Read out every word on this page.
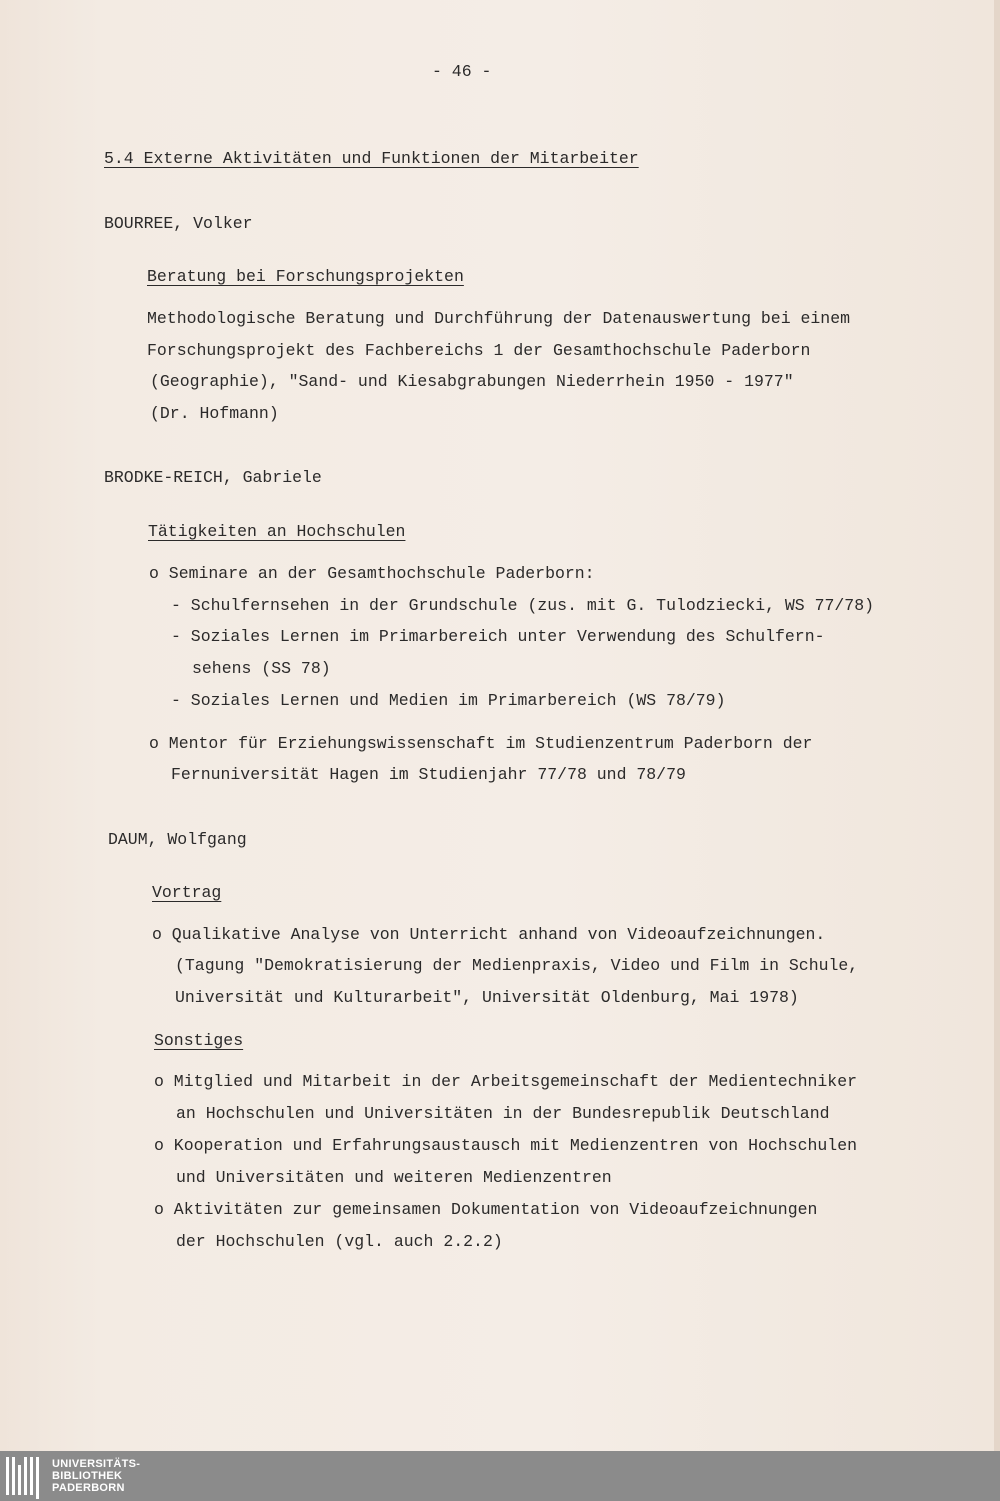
- 46 -
5.4 Externe Aktivitäten und Funktionen der Mitarbeiter
BOURREE, Volker
Beratung bei Forschungsprojekten
Methodologische Beratung und Durchführung der Datenauswertung bei einem
Forschungsprojekt des Fachbereichs 1 der Gesamthochschule Paderborn
(Geographie), "Sand- und Kiesabgrabungen Niederrhein 1950 - 1977"
(Dr. Hofmann)
BRODKE-REICH, Gabriele
Tätigkeiten an Hochschulen
o Seminare an der Gesamthochschule Paderborn:
- Schulfernsehen in der Grundschule (zus. mit G. Tulodziecki, WS 77/78)
- Soziales Lernen im Primarbereich unter Verwendung des Schulfern-
sehens (SS 78)
- Soziales Lernen und Medien im Primarbereich (WS 78/79)
o Mentor für Erziehungswissenschaft im Studienzentrum Paderborn der
Fernuniversität Hagen im Studienjahr 77/78 und 78/79
DAUM, Wolfgang
Vortrag
o Qualikative Analyse von Unterricht anhand von Videoaufzeichnungen.
(Tagung "Demokratisierung der Medienpraxis, Video und Film in Schule,
Universität und Kulturarbeit", Universität Oldenburg, Mai 1978)
Sonstiges
o Mitglied und Mitarbeit in der Arbeitsgemeinschaft der Medientechniker
an Hochschulen und Universitäten in der Bundesrepublik Deutschland
o Kooperation und Erfahrungsaustausch mit Medienzentren von Hochschulen
und Universitäten und weiteren Medienzentren
o Aktivitäten zur gemeinsamen Dokumentation von Videoaufzeichnungen
der Hochschulen (vgl. auch 2.2.2)
UNIVERSITÄTS-
BIBLIOTHEK
PADERBORN
